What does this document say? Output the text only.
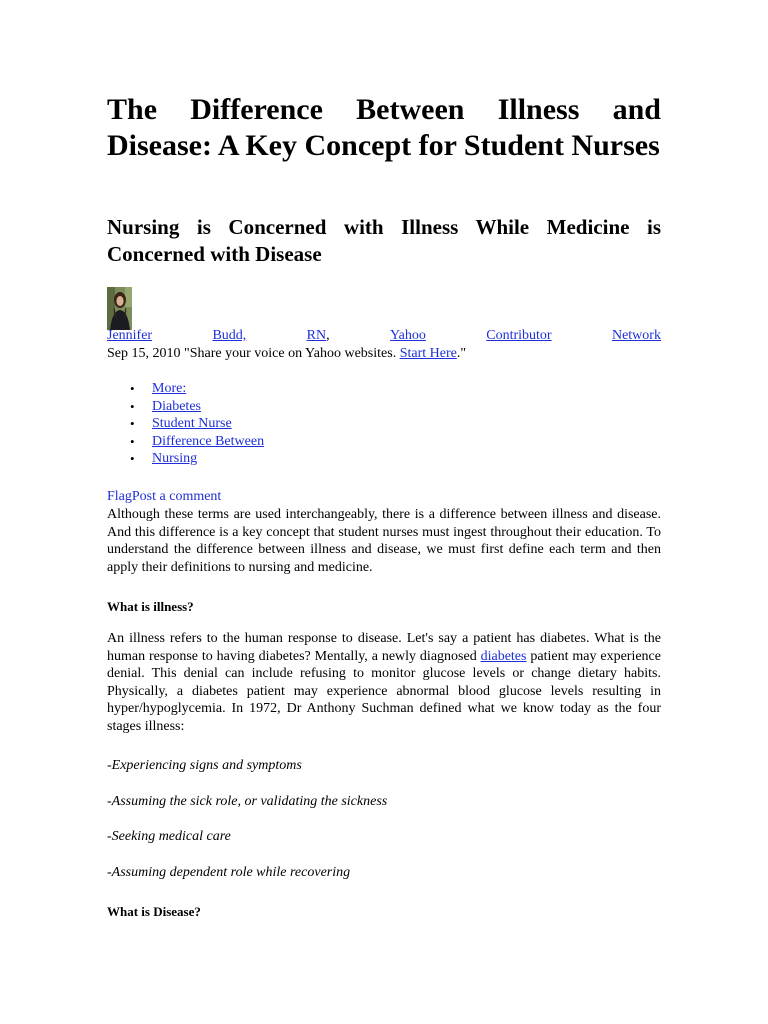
The Difference Between Illness and Disease: A Key Concept for Student Nurses
Nursing is Concerned with Illness While Medicine is Concerned with Disease
Jennifer	Budd,	RN,	Yahoo	Contributor	Network
Sep 15, 2010 "Share your voice on Yahoo websites. Start Here."
• More:
• Diabetes
• Student Nurse
• Difference Between
• Nursing
FlagPost a comment

Although these terms are used interchangeably, there is a difference between illness and disease. And this difference is a key concept that student nurses must ingest throughout their education. To understand the difference between illness and disease, we must first define each term and then apply their definitions to nursing and medicine.

What is illness?

An illness refers to the human response to disease. Let's say a patient has diabetes. What is the human response to having diabetes? Mentally, a newly diagnosed diabetes patient may experience denial. This denial can include refusing to monitor glucose levels or change dietary habits. Physically, a diabetes patient may experience abnormal blood glucose levels resulting in hyper/hypoglycemia. In 1972, Dr Anthony Suchman defined what we know today as the four stages illness:

-Experiencing signs and symptoms
-Assuming the sick role, or validating the sickness
-Seeking medical care
-Assuming dependent role while recovering
What is Disease?
